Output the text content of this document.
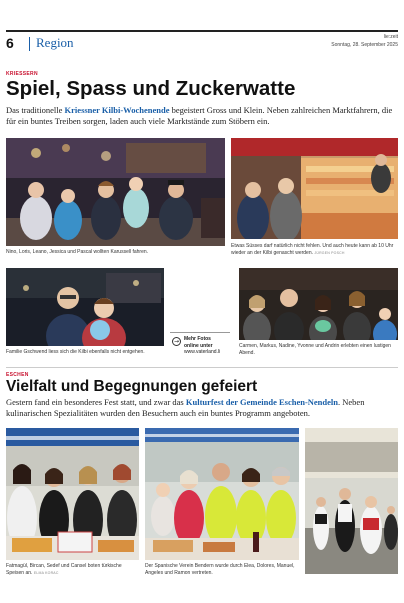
6 Region	lie:zeit
Sonntag, 28. September 2025
KRIESSERN
Spiel, Spass und Zuckerwatte
Das traditionelle Kriessner Kilbi-Wochenende begeistert Gross und Klein. Neben zahlreichen Marktfahrern, die für ein buntes Treiben sorgen, laden auch viele Marktstände zum Stöbern ein.
Nino, Loris, Leano, Jessica und Pascal wollten Karussell fahren.
Etwas Süsses darf natürlich nicht fehlen. Und auch heute kann ab 10 Uhr wieder an der Kilbi genascht werden. JÜRGEN POSCH
Familie Gschwend liess sich die Kilbi ebenfalls nicht entgehen.
→ Mehr Fotos
online unter
www.vaterland.li
Carmen, Markus, Nadine, Yvonne und Andrin erlebten einen lustigen Abend.
ESCHEN
Vielfalt und Begegnungen gefeiert
Gestern fand ein besonderes Fest statt, und zwar das Kulturfest der Gemeinde Eschen-Nendeln. Neben kulinarischen Spezialitäten wurden den Besuchern auch ein buntes Programm angeboten.
Fatmagül, Bircan, Sedef und Cansel boten türkische Speisen an. ELMA KORAC
Der Spanische Verein Bendern wurde durch Elea, Dolores, Manuel, Angeles und Ramon vertreten.
